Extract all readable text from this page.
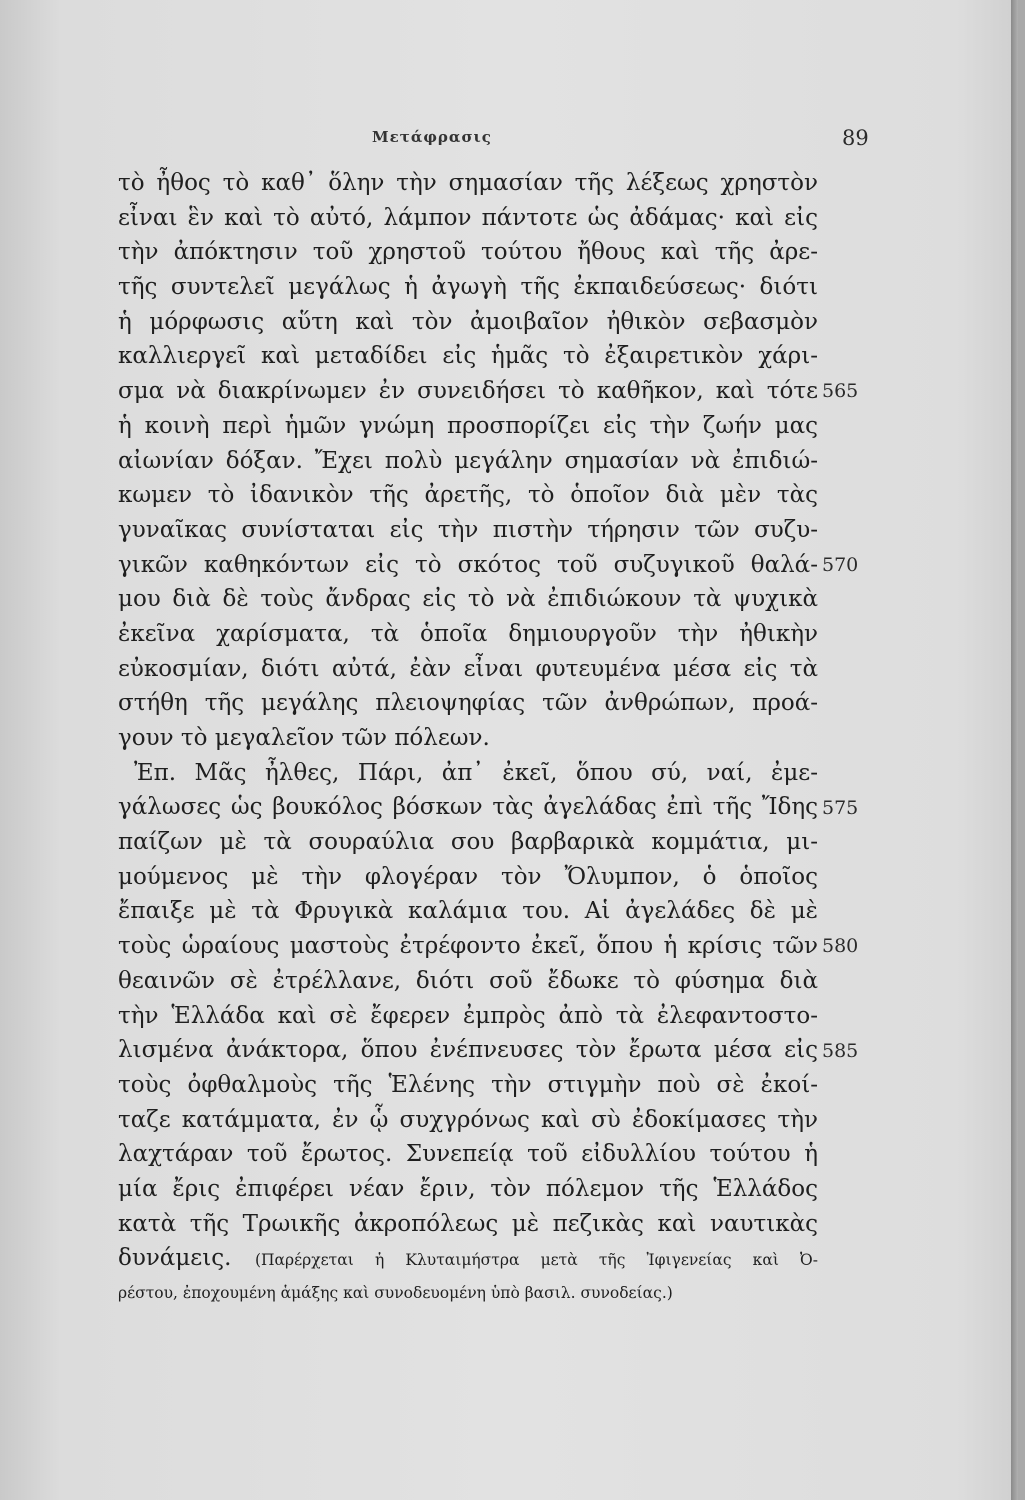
Μετάφρασις	89
τὸ ἦθος τὸ καθ᾽ ὅλην τὴν σημασίαν τῆς λέξεως χρηστὸν
εἶναι ἓν καὶ τὸ αὐτό, λάμπον πάντοτε ὡς ἀδάμας· καὶ εἰς
τὴν ἀπόκτησιν τοῦ χρηστοῦ τούτου ἤθους καὶ τῆς ἀρε-
τῆς συντελεῖ μεγάλως ἡ ἀγωγὴ τῆς ἐκπαιδεύσεως· διότι
ἡ μόρφωσις αὕτη καὶ τὸν ἀμοιβαῖον ἠθικὸν σεβασμὸν
καλλιεργεῖ καὶ μεταδίδει εἰς ἡμᾶς τὸ ἐξαιρετικὸν χάρι-
σμα νὰ διακρίνωμεν ἐν συνειδήσει τὸ καθῆκον, καὶ τότε
ἡ κοινὴ περὶ ἡμῶν γνώμη προσπορίζει εἰς τὴν ζωήν μας
αἰωνίαν δόξαν. Ἔχει πολὺ μεγάλην σημασίαν νὰ ἐπιδιώ-
κωμεν τὸ ἰδανικὸν τῆς ἀρετῆς, τὸ ὁποῖον διὰ μὲν τὰς
γυναῖκας συνίσταται εἰς τὴν πιστὴν τήρησιν τῶν συζυ-
γικῶν καθηκόντων εἰς τὸ σκότος τοῦ συζυγικοῦ θαλά-
μου διὰ δὲ τοὺς ἄνδρας εἰς τὸ νὰ ἐπιδιώκουν τὰ ψυχικὰ
ἐκεῖνα χαρίσματα, τὰ ὁποῖα δημιουργοῦν τὴν ἠθικὴν
εὐκοσμίαν, διότι αὐτά, ἐὰν εἶναι φυτευμένα μέσα εἰς τὰ
στήθη τῆς μεγάλης πλειοψηφίας τῶν ἀνθρώπων, προά-
γουν τὸ μεγαλεῖον τῶν πόλεων.
Ἐπ. Μᾶς ἦλθες, Πάρι, ἀπ᾽ ἐκεῖ, ὅπου σύ, ναί, ἐμε-
γάλωσες ὡς βουκόλος βόσκων τὰς ἀγελάδας ἐπὶ τῆς Ἴδης
παίζων μὲ τὰ σουραύλια σου βαρβαρικὰ κομμάτια, μι-
μούμενος μὲ τὴν φλογέραν τὸν Ὄλυμπον, ὁ ὁποῖος
ἔπαιξε μὲ τὰ Φρυγικὰ καλάμια του. Αἱ ἀγελάδες δὲ μὲ
τοὺς ὡραίους μαστοὺς ἐτρέφοντο ἐκεῖ, ὅπου ἡ κρίσις τῶν
θεαινῶν σὲ ἐτρέλλανε, διότι σοῦ ἔδωκε τὸ φύσημα διὰ
τὴν Ἑλλάδα καὶ σὲ ἔφερεν ἐμπρὸς ἀπὸ τὰ ἐλεφαντοστο-
λισμένα ἀνάκτορα, ὅπου ἐνέπνευσες τὸν ἔρωτα μέσα εἰς
τοὺς ὀφθαλμοὺς τῆς Ἑλένης τὴν στιγμὴν ποὺ σὲ ἐκοί-
ταζε κατάμματα, ἐν ᾧ συχγρόνως καὶ σὺ ἐδοκίμασες τὴν
λαχτάραν τοῦ ἔρωτος. Συνεπείᾳ τοῦ εἰδυλλίου τούτου ἡ
μία ἔρις ἐπιφέρει νέαν ἔριν, τὸν πόλεμον τῆς Ἑλλάδος
κατὰ τῆς Τρωικῆς ἀκροπόλεως μὲ πεζικὰς καὶ ναυτικὰς
δυνάμεις. (Παρέρχεται ἡ Κλυταιμήστρα μετὰ τῆς Ἰφιγενείας καὶ Ὀ-
ρέστου, ἐποχουμένη ἁμάξης καὶ συνοδευομένη ὑπὸ βασιλ. συνοδείας.)
565
570
575
580
585
